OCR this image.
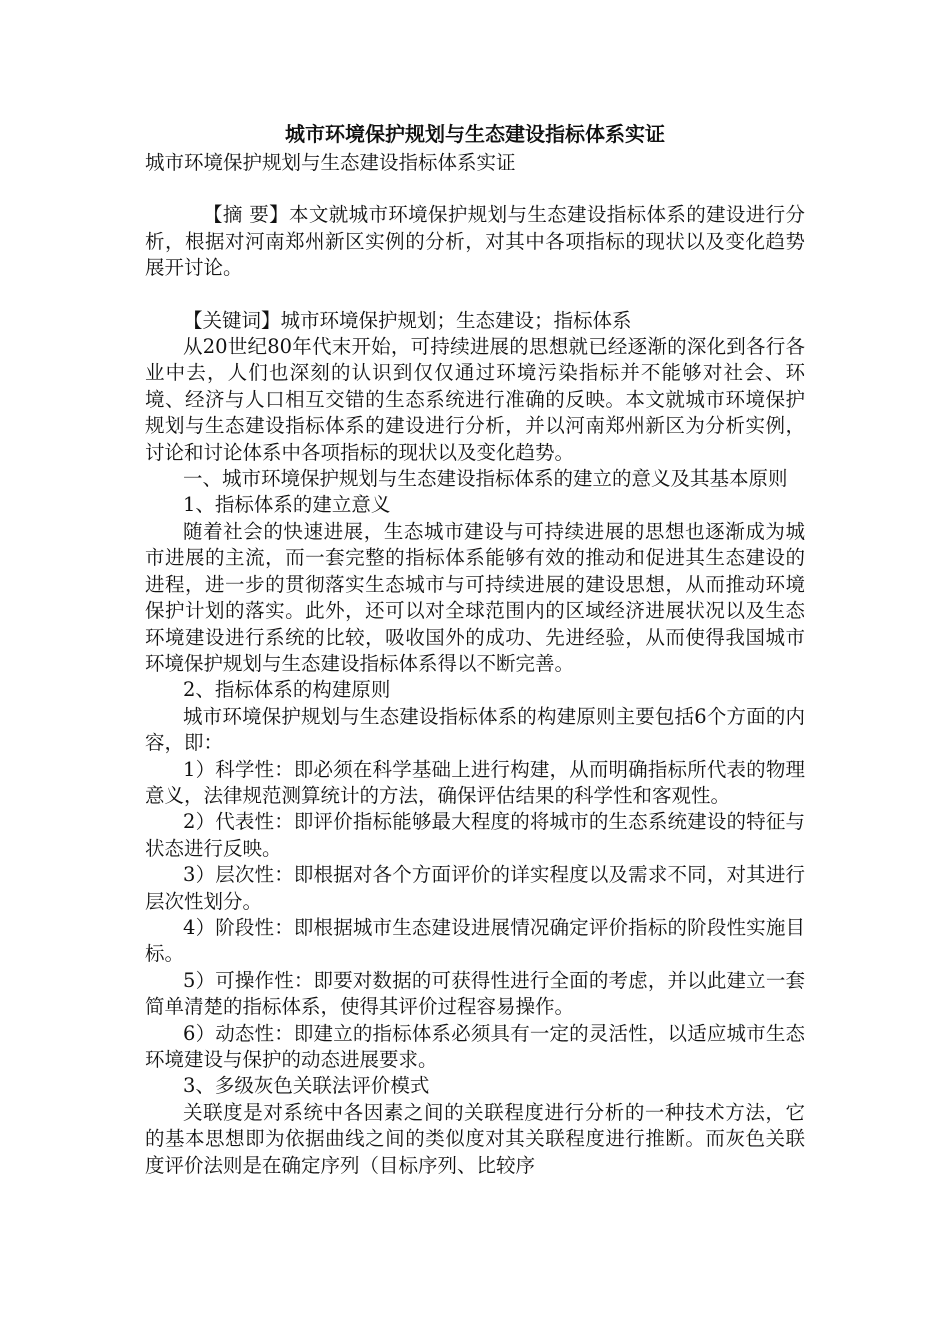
城市环境保护规划与生态建设指标体系实证

城市环境保护规划与生态建设指标体系实证

【摘 要】本文就城市环境保护规划与生态建设指标体系的建设进行分析，根据对河南郑州新区实例的分析，对其中各项指标的现状以及变化趋势展开讨论。

【关键词】城市环境保护规划；生态建设；指标体系

从20世纪80年代末开始，可持续进展的思想就已经逐渐的深化到各行各业中去，人们也深刻的认识到仅仅通过环境污染指标并不能够对社会、环境、经济与人口相互交错的生态系统进行准确的反映。本文就城市环境保护规划与生态建设指标体系的建设进行分析，并以河南郑州新区为分析实例，讨论和讨论体系中各项指标的现状以及变化趋势。

一、城市环境保护规划与生态建设指标体系的建立的意义及其基本原则

1、指标体系的建立意义

随着社会的快速进展，生态城市建设与可持续进展的思想也逐渐成为城市进展的主流，而一套完整的指标体系能够有效的推动和促进其生态建设的进程，进一步的贯彻落实生态城市与可持续进展的建设思想，从而推动环境保护计划的落实。此外，还可以对全球范围内的区域经济进展状况以及生态环境建设进行系统的比较，吸收国外的成功、先进经验，从而使得我国城市环境保护规划与生态建设指标体系得以不断完善。

2、指标体系的构建原则

城市环境保护规划与生态建设指标体系的构建原则主要包括6个方面的内容，即：

1）科学性：即必须在科学基础上进行构建，从而明确指标所代表的物理意义，法律规范测算统计的方法，确保评估结果的科学性和客观性。

2）代表性：即评价指标能够最大程度的将城市的生态系统建设的特征与状态进行反映。

3）层次性：即根据对各个方面评价的详实程度以及需求不同，对其进行层次性划分。

4）阶段性：即根据城市生态建设进展情况确定评价指标的阶段性实施目标。

5）可操作性：即要对数据的可获得性进行全面的考虑，并以此建立一套简单清楚的指标体系，使得其评价过程容易操作。

6）动态性：即建立的指标体系必须具有一定的灵活性，以适应城市生态环境建设与保护的动态进展要求。

3、多级灰色关联法评价模式

关联度是对系统中各因素之间的关联程度进行分析的一种技术方法，它的基本思想即为依据曲线之间的类似度对其关联程度进行推断。而灰色关联度评价法则是在确定序列（目标序列、比较序
